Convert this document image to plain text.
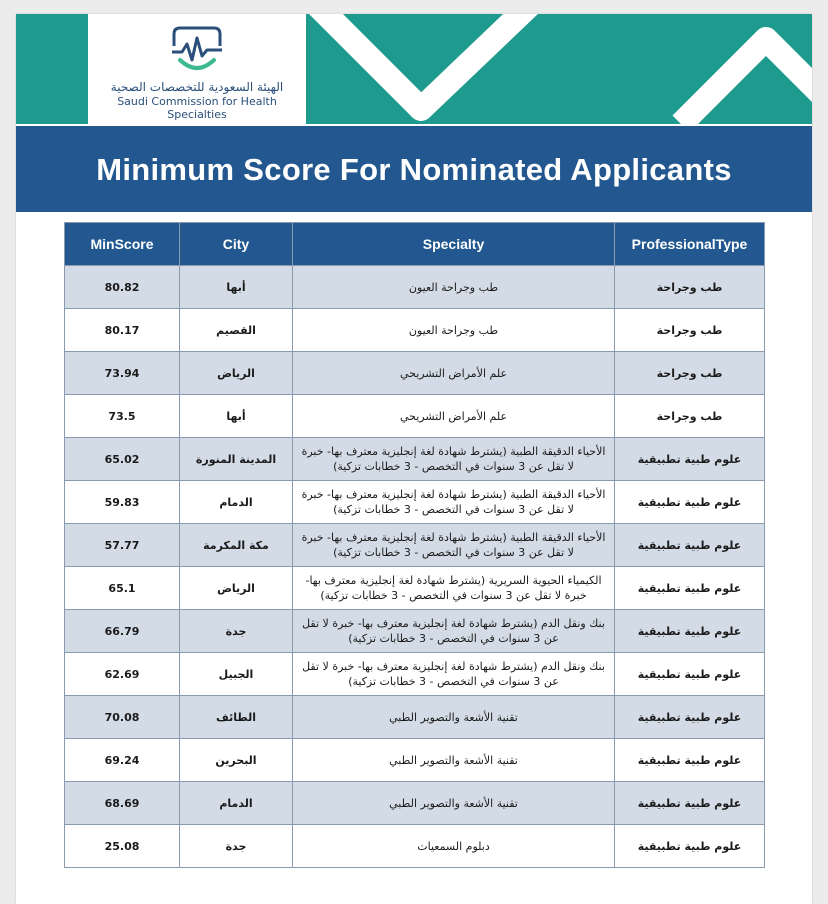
الهيئة السعودية للتخصصات الصحية
Saudi Commission for Health Specialties
Minimum Score For Nominated Applicants
MinScore	City	Specialty	ProfessionalType
80.82	أبها	طب وجراحة العيون	طب وجراحة
80.17	القصيم	طب وجراحة العيون	طب وجراحة
73.94	الرياض	علم الأمراض التشريحي	طب وجراحة
73.5	أبها	علم الأمراض التشريحي	طب وجراحة
65.02	المدينة المنورة	الأحياء الدقيقة الطبية (يشترط شهادة لغة إنجليزية معترف بها- خبرة لا تقل عن 3 سنوات في التخصص - 3 خطابات تزكية)	علوم طبية تطبيقية
59.83	الدمام	الأحياء الدقيقة الطبية (يشترط شهادة لغة إنجليزية معترف بها- خبرة لا تقل عن 3 سنوات في التخصص - 3 خطابات تزكية)	علوم طبية تطبيقية
57.77	مكة المكرمة	الأحياء الدقيقة الطبية (يشترط شهادة لغة إنجليزية معترف بها- خبرة لا تقل عن 3 سنوات في التخصص - 3 خطابات تزكية)	علوم طبية تطبيقية
65.1	الرياض	الكيمياء الحيوية السريرية (يشترط شهادة لغة إنجليزية معترف بها- خبرة لا تقل عن 3 سنوات في التخصص - 3 خطابات تزكية)	علوم طبية تطبيقية
66.79	جدة	بنك ونقل الدم (يشترط شهادة لغة إنجليزية معترف بها- خبرة لا تقل عن 3 سنوات في التخصص - 3 خطابات تزكية)	علوم طبية تطبيقية
62.69	الجبيل	بنك ونقل الدم (يشترط شهادة لغة إنجليزية معترف بها- خبرة لا تقل عن 3 سنوات في التخصص - 3 خطابات تزكية)	علوم طبية تطبيقية
70.08	الطائف	تقنية الأشعة والتصوير الطبي	علوم طبية تطبيقية
69.24	البحرين	تقنية الأشعة والتصوير الطبي	علوم طبية تطبيقية
68.69	الدمام	تقنية الأشعة والتصوير الطبي	علوم طبية تطبيقية
25.08	جدة	دبلوم السمعيات	علوم طبية تطبيقية
